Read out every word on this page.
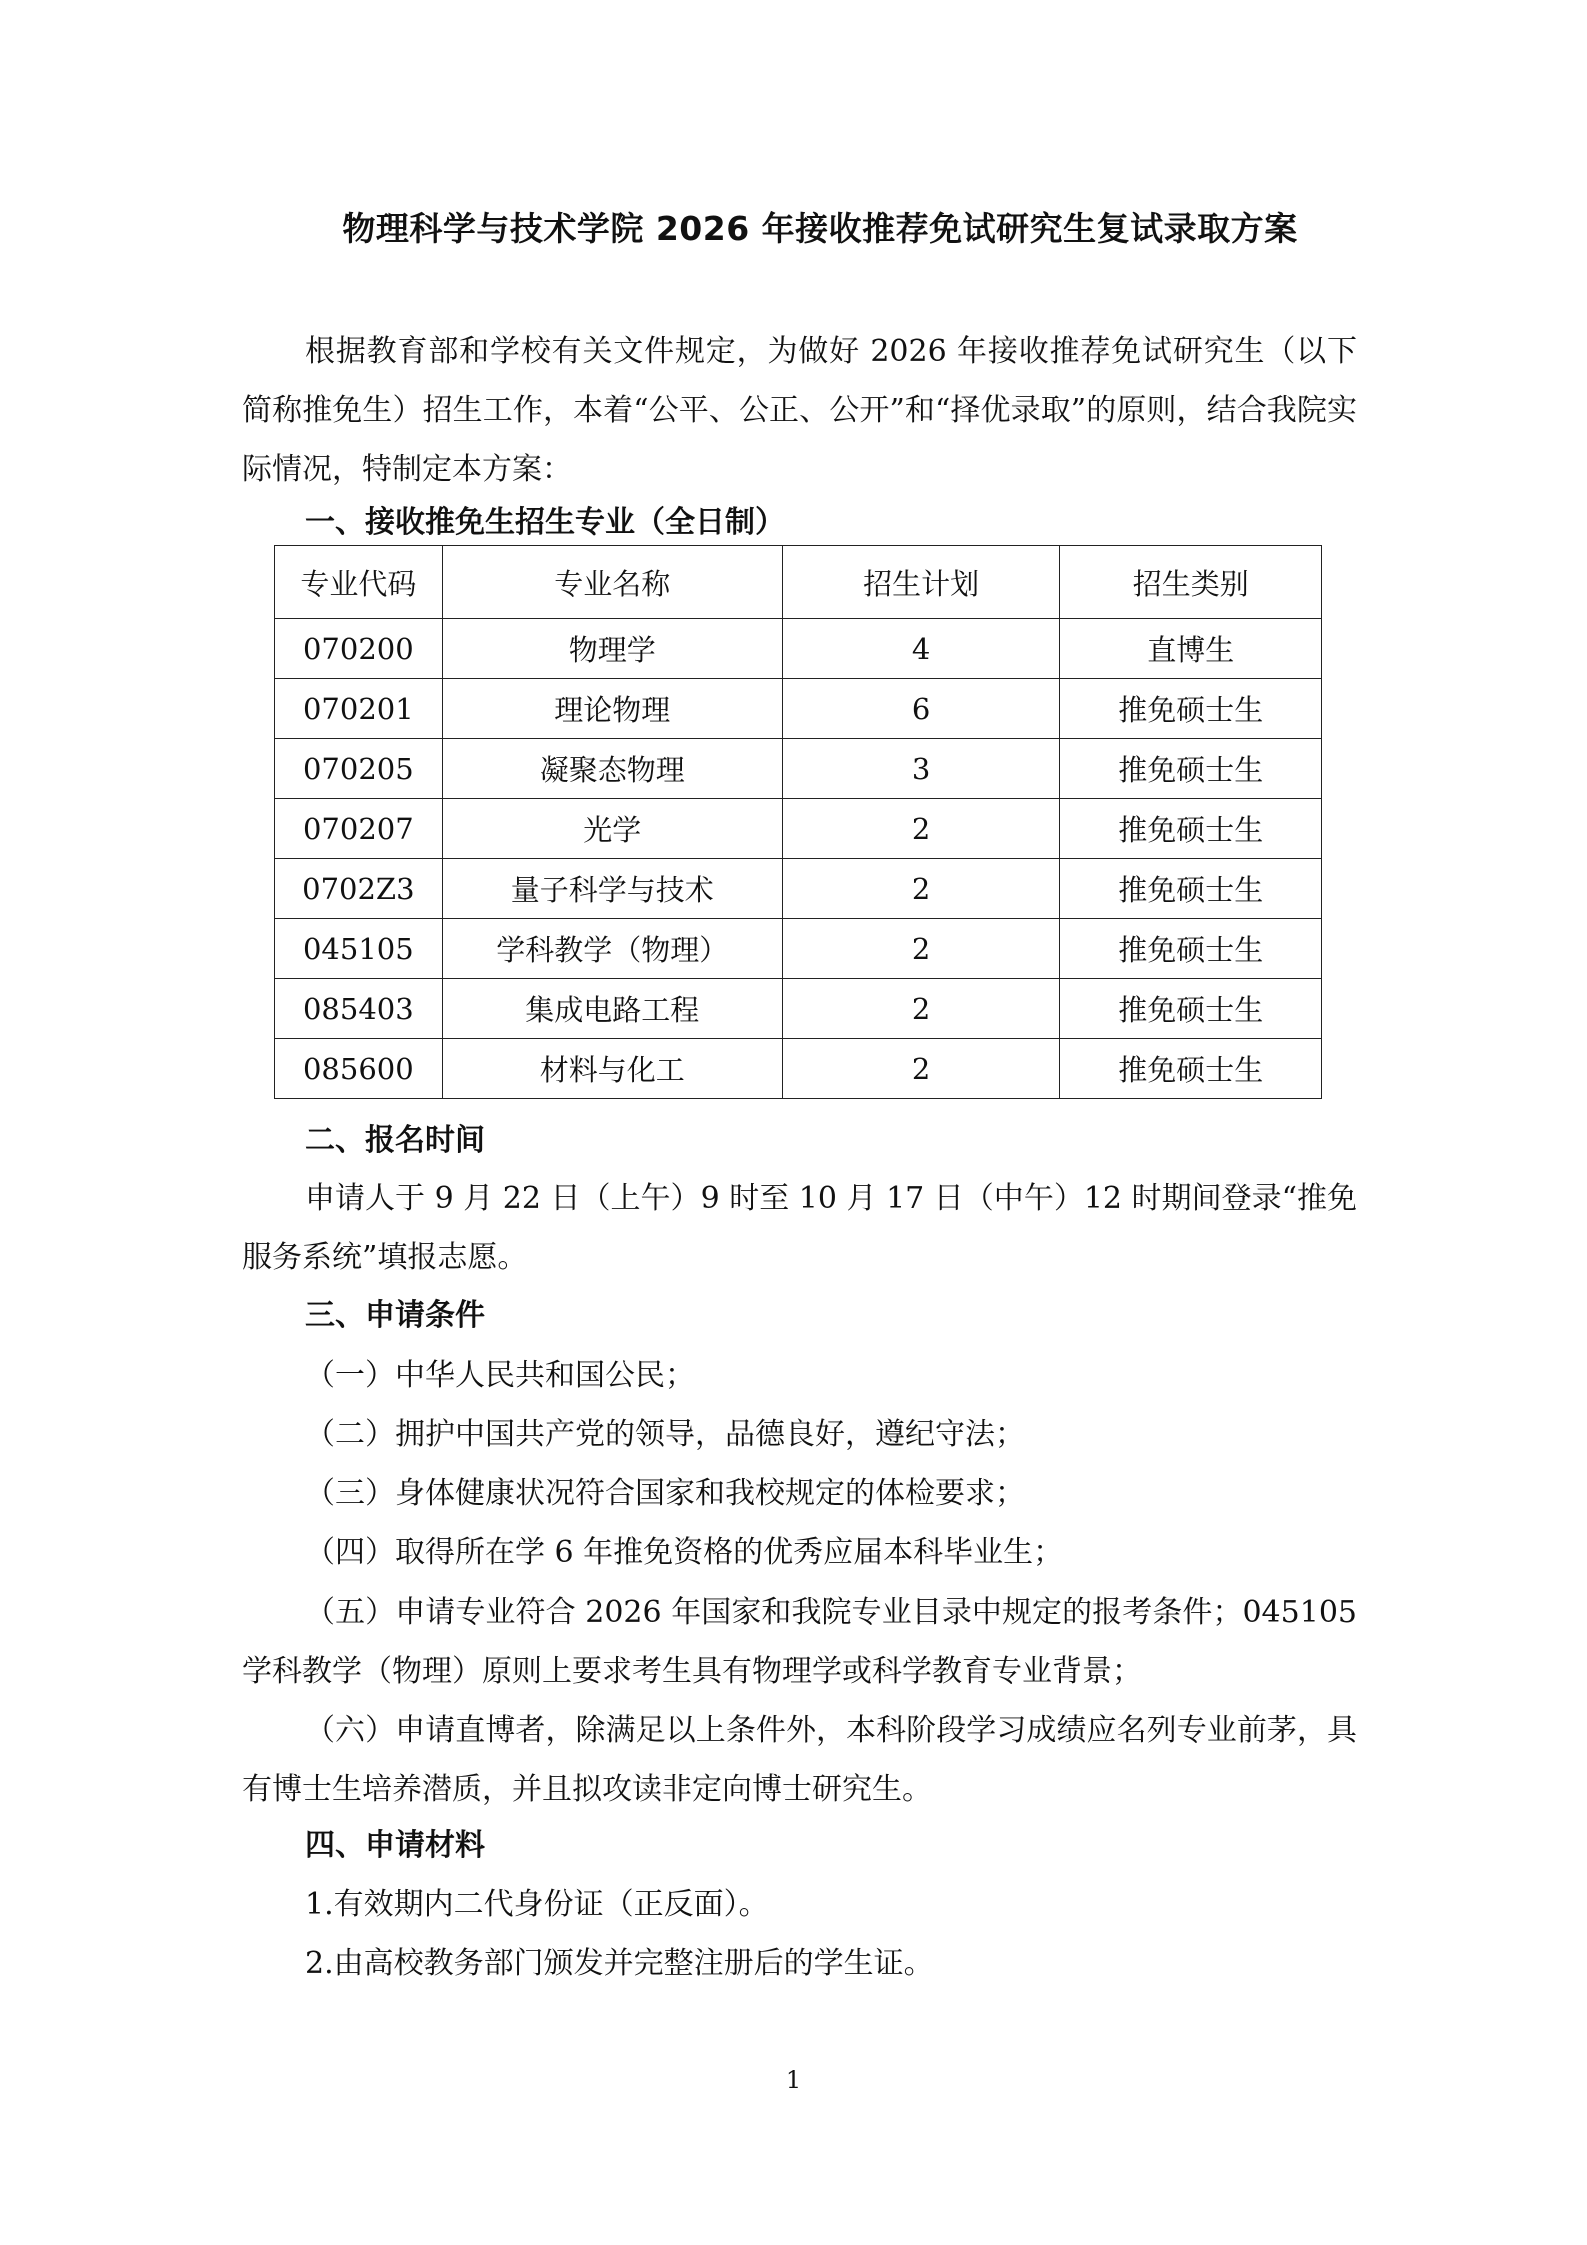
物理科学与技术学院 2026 年接收推荐免试研究生复试录取方案

根据教育部和学校有关文件规定，为做好 2026 年接收推荐免试研究生（以下简称推免生）招生工作，本着“公平、公正、公开”和“择优录取”的原则，结合我院实际情况，特制定本方案：

一、接收推免生招生专业（全日制）
专业代码	专业名称	招生计划	招生类别
070200	物理学	4	直博生
070201	理论物理	6	推免硕士生
070205	凝聚态物理	3	推免硕士生
070207	光学	2	推免硕士生
0702Z3	量子科学与技术	2	推免硕士生
045105	学科教学（物理）	2	推免硕士生
085403	集成电路工程	2	推免硕士生
085600	材料与化工	2	推免硕士生
二、报名时间

申请人于 9 月 22 日（上午）9 时至 10 月 17 日（中午）12 时期间登录“推免服务系统”填报志愿。

三、申请条件
（一）中华人民共和国公民；
（二）拥护中国共产党的领导，品德良好，遵纪守法；
（三）身体健康状况符合国家和我校规定的体检要求；
（四）取得所在学 6 年推免资格的优秀应届本科毕业生；

（五）申请专业符合 2026 年国家和我院专业目录中规定的报考条件；045105 学科教学（物理）原则上要求考生具有物理学或科学教育专业背景；

（六）申请直博者，除满足以上条件外，本科阶段学习成绩应名列专业前茅，具有博士生培养潜质，并且拟攻读非定向博士研究生。

四、申请材料
1.有效期内二代身份证（正反面）。
2.由高校教务部门颁发并完整注册后的学生证。
1
